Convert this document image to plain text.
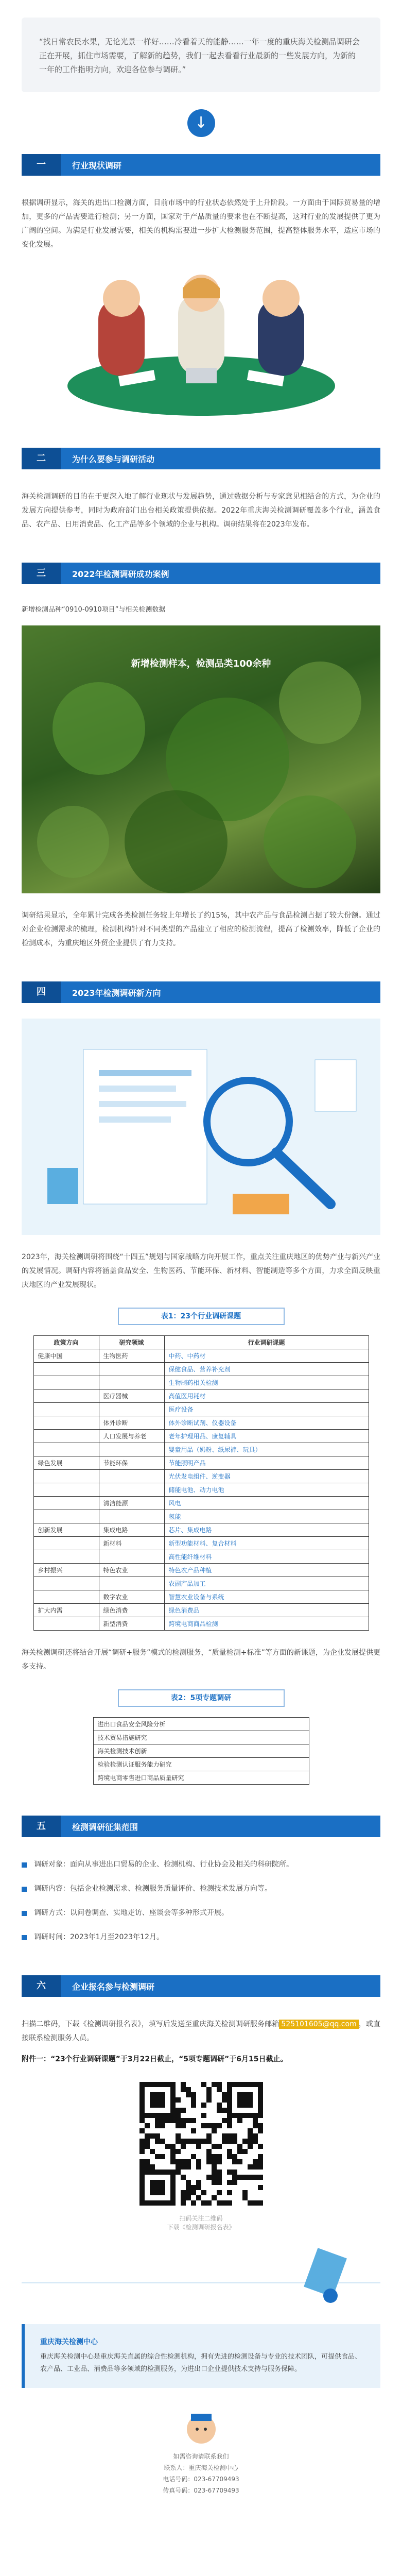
“找日常农民水果，无论光景一样好……冷看着天的能静……一年一度的重庆海关检测品调研会正在开展，抓住市场需要，了解新的趋势，我们一起去看看行业最新的一些发展方向，为新的一年的工作指明方向，欢迎各位参与调研。”
↓
一	行业现状调研
根据调研显示，海关的进出口检测方面，目前市场中的行业状态依然处于上升阶段。一方面由于国际贸易量的增加，更多的产品需要进行检测；另一方面，国家对于产品质量的要求也在不断提高，这对行业的发展提供了更为广阔的空间。为满足行业发展需要，相关的机构需要进一步扩大检测服务范围，提高整体服务水平，适应市场的变化发展。
二	为什么要参与调研活动
海关检测调研的目的在于更深入地了解行业现状与发展趋势，通过数据分析与专家意见相结合的方式，为企业的发展方向提供参考，同时为政府部门出台相关政策提供依据。2022年重庆海关检测调研覆盖多个行业，涵盖食品、农产品、日用消费品、化工产品等多个领域的企业与机构。调研结果将在2023年发布。
三	2022年检测调研成功案例
新增检测品种“0910-0910项目”与相关检测数据
新增检测样本，检测品类100余种
调研结果显示，全年累计完成各类检测任务较上年增长了约15%，其中农产品与食品检测占据了较大份额。通过对企业检测需求的梳理，检测机构针对不同类型的产品建立了相应的检测流程，提高了检测效率，降低了企业的检测成本，为重庆地区外贸企业提供了有力支持。
四	2023年检测调研新方向
2023年，海关检测调研将围绕“十四五”规划与国家战略方向开展工作，重点关注重庆地区的优势产业与新兴产业的发展情况。调研内容将涵盖食品安全、生物医药、节能环保、新材料、智能制造等多个方面，力求全面反映重庆地区的产业发展现状。
表1：23个行业调研课题
政策方向	研究领域	行业调研课题
健康中国	生物医药	中药、中药材
		保健食品、营养补充剂
		生物制药相关检测
	医疗器械	高值医用耗材
		医疗设备
	体外诊断	体外诊断试剂、仪器设备
	人口发展与养老	老年护理用品、康复辅具
		婴童用品（奶粉、纸尿裤、玩具）
绿色发展	节能环保	节能照明产品
		光伏发电组件、逆变器
		储能电池、动力电池
	清洁能源	风电
		氢能
创新发展	集成电路	芯片、集成电路
	新材料	新型功能材料、复合材料
		高性能纤维材料
乡村振兴	特色农业	特色农产品种植
		农副产品加工
	数字农业	智慧农业设备与系统
扩大内需	绿色消费	绿色消费品
	新型消费	跨境电商商品检测
海关检测调研还将结合开展“调研+服务”模式的检测服务，“质量检测+标准”等方面的新课题，为企业发展提供更多支持。
表2：5项专题调研
进出口食品安全风险分析
技术贸易措施研究
海关检测技术创新
检验检测认证服务能力研究
跨境电商零售进口商品质量研究
五	检测调研征集范围
调研对象：面向从事进出口贸易的企业、检测机构、行业协会及相关的科研院所。
调研内容：包括企业检测需求、检测服务质量评价、检测技术发展方向等。
调研方式：以问卷调查、实地走访、座谈会等多种形式开展。
调研时间：2023年1月至2023年12月。
六	企业报名参与检测调研
扫描二维码，下载《检测调研报名表》，填写后发送至重庆海关检测调研服务邮箱 525101605@qq.com ，或直接联系检测服务人员。
附件一：“23个行业调研课题”于3月22日截止，“5项专题调研”于6月15日截止。
扫码关注二维码
下载《检测调研报名表》
重庆海关检测中心
重庆海关检测中心是重庆海关直属的综合性检测机构，拥有先进的检测设备与专业的技术团队，可提供食品、农产品、工业品、消费品等多领域的检测服务，为进出口企业提供技术支持与服务保障。
如需咨询请联系我们
联系人：重庆海关检测中心
电话号码：023-67709493
传真号码：023-67709493
